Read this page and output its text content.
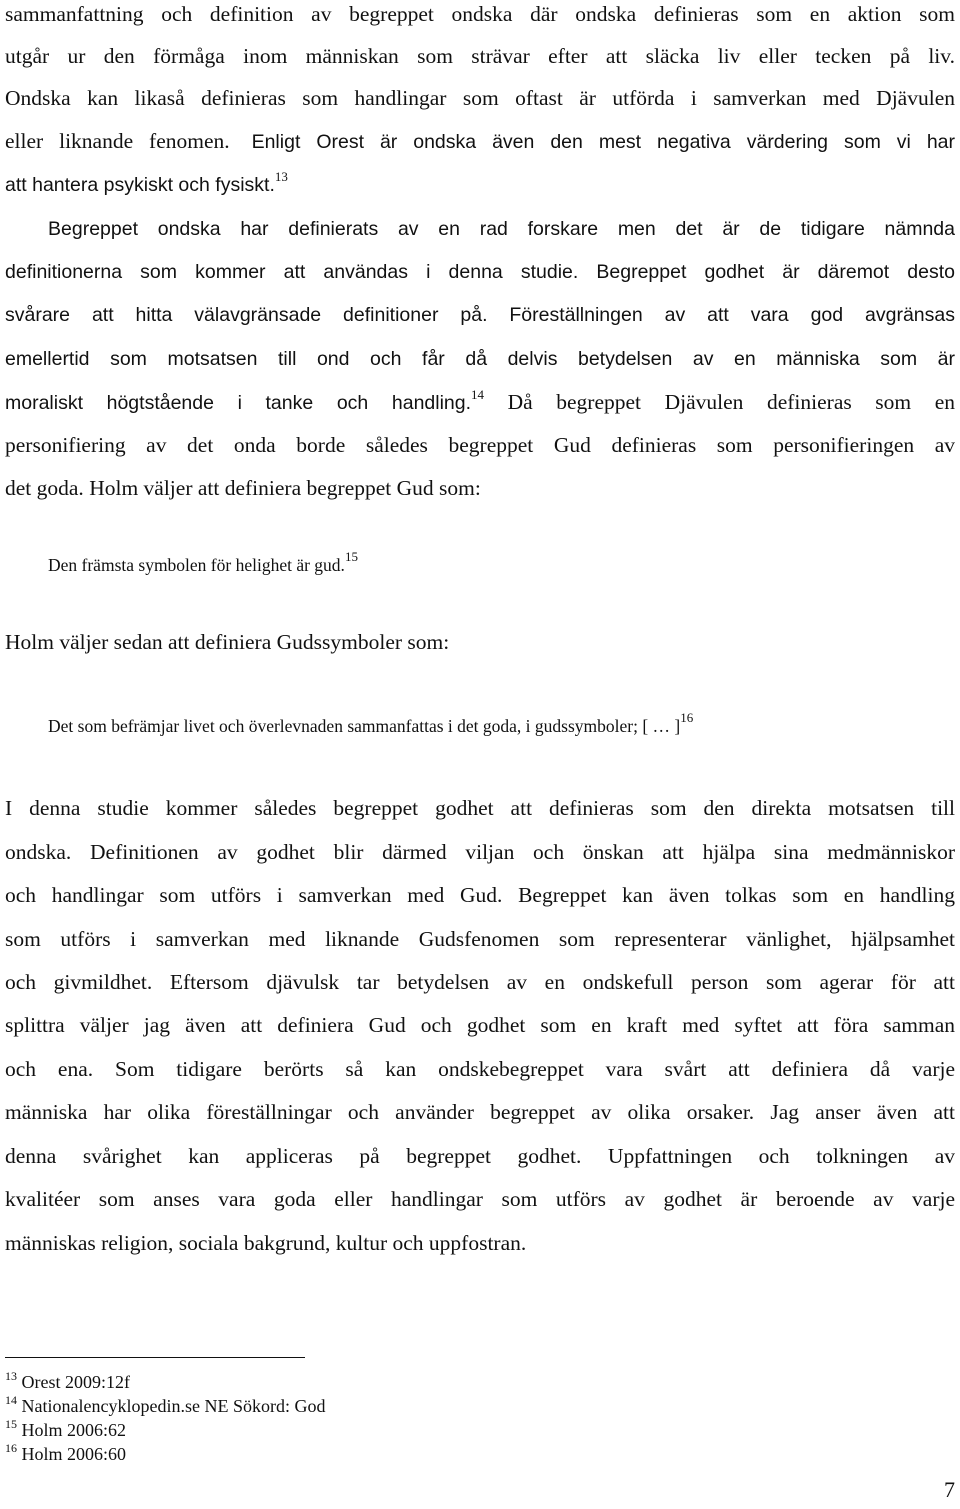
sammanfattning och definition av begreppet ondska där ondska definieras som en aktion som
utgår ur den förmåga inom människan som strävar efter att släcka liv eller tecken på liv.
Ondska kan likaså definieras som handlingar som oftast är utförda i samverkan med Djävulen
eller liknande fenomen. Enligt Orest är ondska även den mest negativa värdering som vi har
att hantera psykiskt och fysiskt.$^{13}$
Begreppet ondska har definierats av en rad forskare men det är de tidigare nämnda
definitionerna som kommer att användas i denna studie. Begreppet godhet är däremot desto
svårare att hitta välavgränsade definitioner på. Föreställningen av att vara god avgränsas
emellertid som motsatsen till ond och får då delvis betydelsen av en människa som är
moraliskt högtstående i tanke och handling.$^{14}$ Då begreppet Djävulen definieras som en
personifiering av det onda borde således begreppet Gud definieras som personifieringen av
det goda. Holm väljer att definiera begreppet Gud som:
Den främsta symbolen för helighet är gud.$^{15}$
Holm väljer sedan att definiera Gudssymboler som:
Det som befrämjar livet och överlevnaden sammanfattas i det goda, i gudssymboler; [ … ]$^{16}$
I denna studie kommer således begreppet godhet att definieras som den direkta motsatsen till
ondska. Definitionen av godhet blir därmed viljan och önskan att hjälpa sina medmänniskor
och handlingar som utförs i samverkan med Gud. Begreppet kan även tolkas som en handling
som utförs i samverkan med liknande Gudsfenomen som representerar vänlighet, hjälpsamhet
och givmildhet. Eftersom djävulsk tar betydelsen av en ondskefull person som agerar för att
splittra väljer jag även att definiera Gud och godhet som en kraft med syftet att föra samman
och ena. Som tidigare berörts så kan ondskebegreppet vara svårt att definiera då varje
människa har olika föreställningar och använder begreppet av olika orsaker. Jag anser även att
denna svårighet kan appliceras på begreppet godhet. Uppfattningen och tolkningen av
kvalitéer som anses vara goda eller handlingar som utförs av godhet är beroende av varje
människas religion, sociala bakgrund, kultur och uppfostran.
$^{13}$ Orest 2009:12f
$^{14}$ Nationalencyklopedin.se NE Sökord: God
$^{15}$ Holm 2006:62
$^{16}$ Holm 2006:60
7
